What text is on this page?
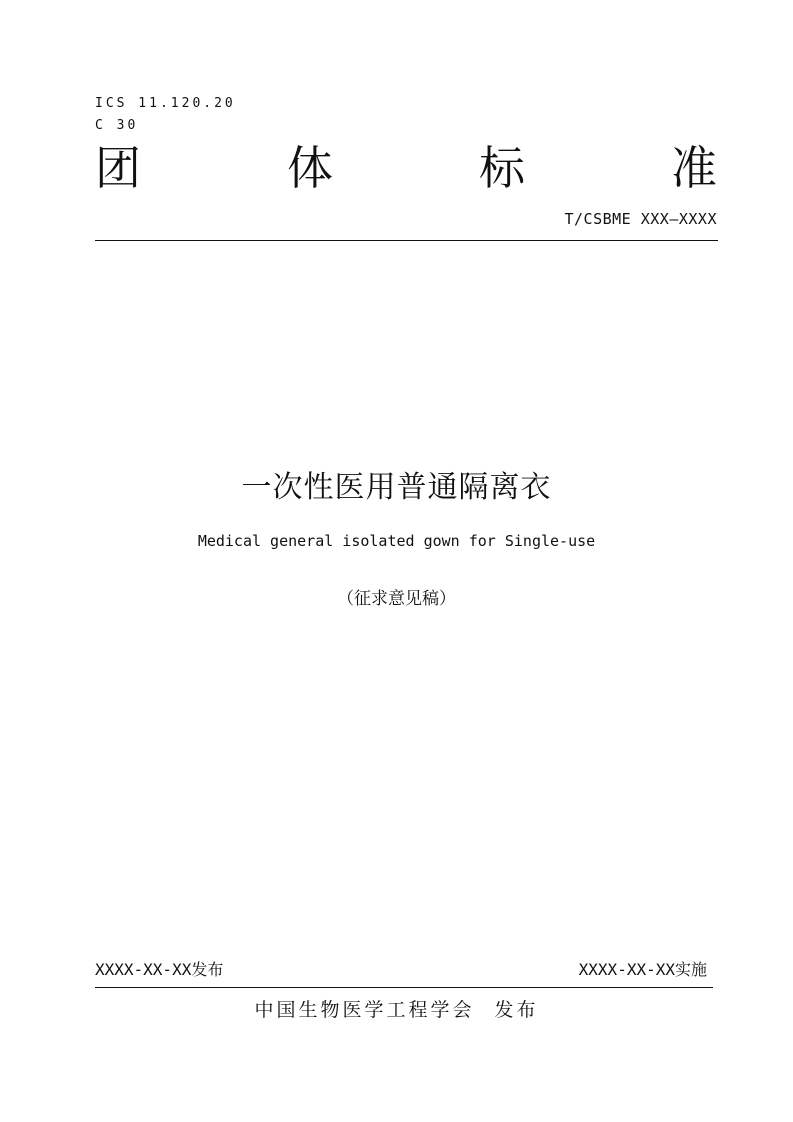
ICS 11.120.20
C 30
团	体	标	准
T/CSBME XXX—XXXX
一次性医用普通隔离衣
Medical general isolated gown for Single-use
（征求意见稿）
XXXX-XX-XX发布	XXXX-XX-XX实施
中国生物医学工程学会 发布
